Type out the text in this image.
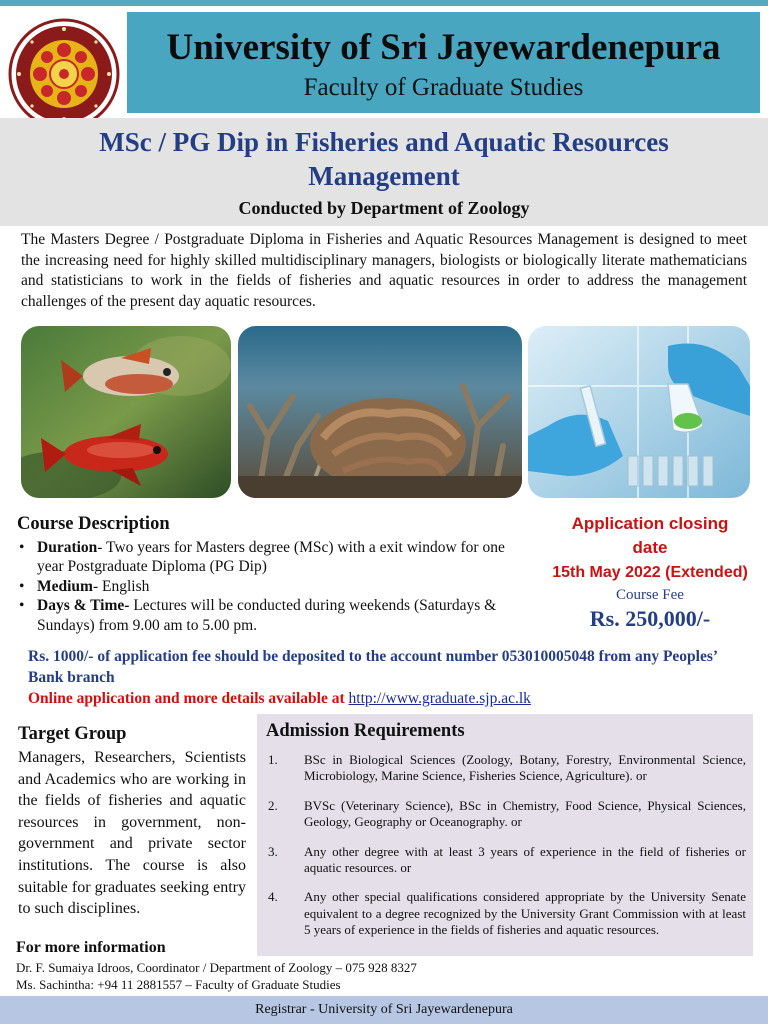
University of Sri Jayewardenepura
Faculty of Graduate Studies
MSc / PG Dip in Fisheries and Aquatic Resources Management
Conducted by Department of Zoology
The Masters Degree / Postgraduate Diploma in Fisheries and Aquatic Resources Management is designed to meet the increasing need for highly skilled multidisciplinary managers, biologists or biologically literate mathematicians and statisticians to work in the fields of fisheries and aquatic resources in order to address the management challenges of the present day aquatic resources.
Course Description
• Duration- Two years for Masters degree (MSc) with a exit window for one year Postgraduate Diploma (PG Dip)
• Medium- English
• Days & Time- Lectures will be conducted during weekends (Saturdays & Sundays) from 9.00 am to 5.00 pm.
Application closing date
15th May 2022 (Extended)
Course Fee
Rs. 250,000/-
Rs. 1000/- of application fee should be deposited to the account number 053010005048 from any Peoples’ Bank branch
Online application and more details available at http://www.graduate.sjp.ac.lk
Target Group
Managers, Researchers, Scientists and Academics who are working in the fields of fisheries and aquatic resources in government, non-government and private sector institutions. The course is also suitable for graduates seeking entry to such disciplines.
Admission Requirements
1. BSc in Biological Sciences (Zoology, Botany, Forestry, Environmental Science, Microbiology, Marine Science, Fisheries Science, Agriculture). or
2. BVSc (Veterinary Science), BSc in Chemistry, Food Science, Physical Sciences, Geology, Geography or Oceanography. or
3. Any other degree with at least 3 years of experience in the field of fisheries or aquatic resources. or
4. Any other special qualifications considered appropriate by the University Senate equivalent to a degree recognized by the University Grant Commission with at least 5 years of experience in the fields of fisheries and aquatic resources.
For more information
Dr. F. Sumaiya Idroos, Coordinator / Department of Zoology – 075 928 8327
Ms. Sachintha: +94 11 2881557 – Faculty of Graduate Studies
Registrar - University of Sri Jayewardenepura
